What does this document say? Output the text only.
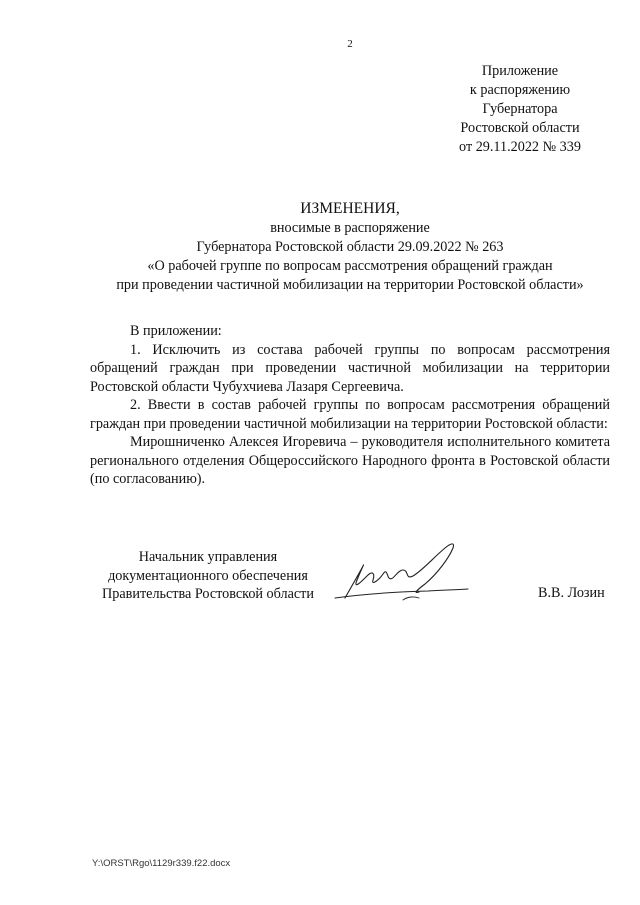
2
Приложение
к распоряжению
Губернатора
Ростовской области
от 29.11.2022 № 339
ИЗМЕНЕНИЯ,
вносимые в распоряжение
Губернатора Ростовской области 29.09.2022 № 263
«О рабочей группе по вопросам рассмотрения обращений граждан
при проведении частичной мобилизации на территории Ростовской области»

В приложении:

1. Исключить из состава рабочей группы по вопросам рассмотрения обращений граждан при проведении частичной мобилизации на территории Ростовской области Чубухчиева Лазаря Сергеевича.

2. Ввести в состав рабочей группы по вопросам рассмотрения обращений граждан при проведении частичной мобилизации на территории Ростовской области:

Мирошниченко Алексея Игоревича – руководителя исполнительного комитета регионального отделения Общероссийского Народного фронта в Ростовской области (по согласованию).

Начальник управления
документационного обеспечения
Правительства Ростовской области	В.В. Лозин
Y:\ORST\Rgo\1129r339.f22.docx
